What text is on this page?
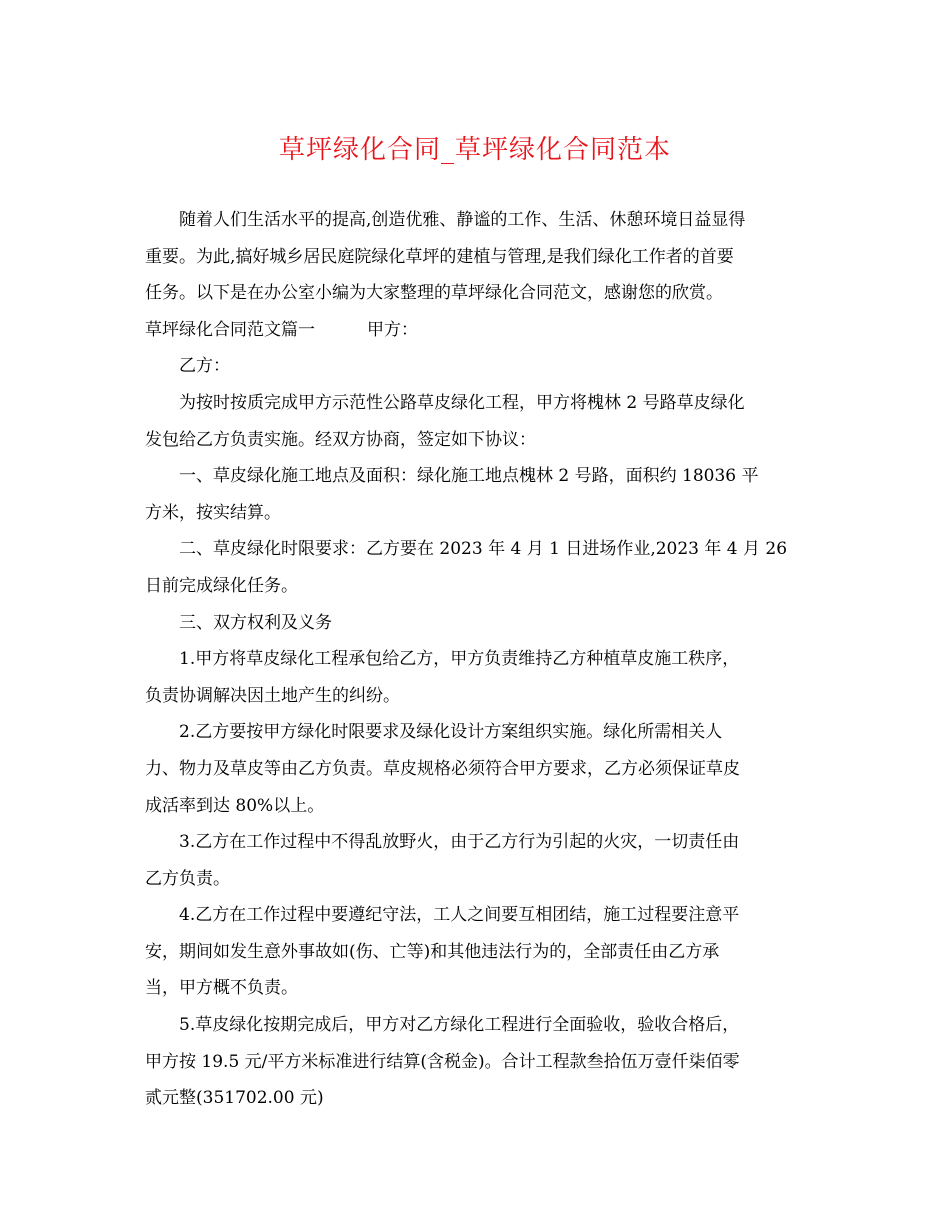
草坪绿化合同_草坪绿化合同范本
随着人们生活水平的提高,创造优雅、静谧的工作、生活、休憩环境日益显得
重要。为此,搞好城乡居民庭院绿化草坪的建植与管理,是我们绿化工作者的首要
任务。以下是在办公室小编为大家整理的草坪绿化合同范文，感谢您的欣赏。
草坪绿化合同范文篇一	甲方：
乙方：
为按时按质完成甲方示范性公路草皮绿化工程，甲方将槐林 2 号路草皮绿化
发包给乙方负责实施。经双方协商，签定如下协议：
一、草皮绿化施工地点及面积：绿化施工地点槐林 2 号路，面积约 18036 平
方米，按实结算。
二、草皮绿化时限要求：乙方要在 2023 年 4 月 1 日进场作业,2023 年 4 月 26
日前完成绿化任务。
三、双方权利及义务
1.甲方将草皮绿化工程承包给乙方，甲方负责维持乙方种植草皮施工秩序，
负责协调解决因土地产生的纠纷。
2.乙方要按甲方绿化时限要求及绿化设计方案组织实施。绿化所需相关人
力、物力及草皮等由乙方负责。草皮规格必须符合甲方要求，乙方必须保证草皮
成活率到达 80%以上。
3.乙方在工作过程中不得乱放野火，由于乙方行为引起的火灾，一切责任由
乙方负责。
4.乙方在工作过程中要遵纪守法，工人之间要互相团结，施工过程要注意平
安，期间如发生意外事故如(伤、亡等)和其他违法行为的，全部责任由乙方承
当，甲方概不负责。
5.草皮绿化按期完成后，甲方对乙方绿化工程进行全面验收，验收合格后，
甲方按 19.5 元/平方米标准进行结算(含税金)。合计工程款叁拾伍万壹仟柒佰零
贰元整(351702.00 元)
